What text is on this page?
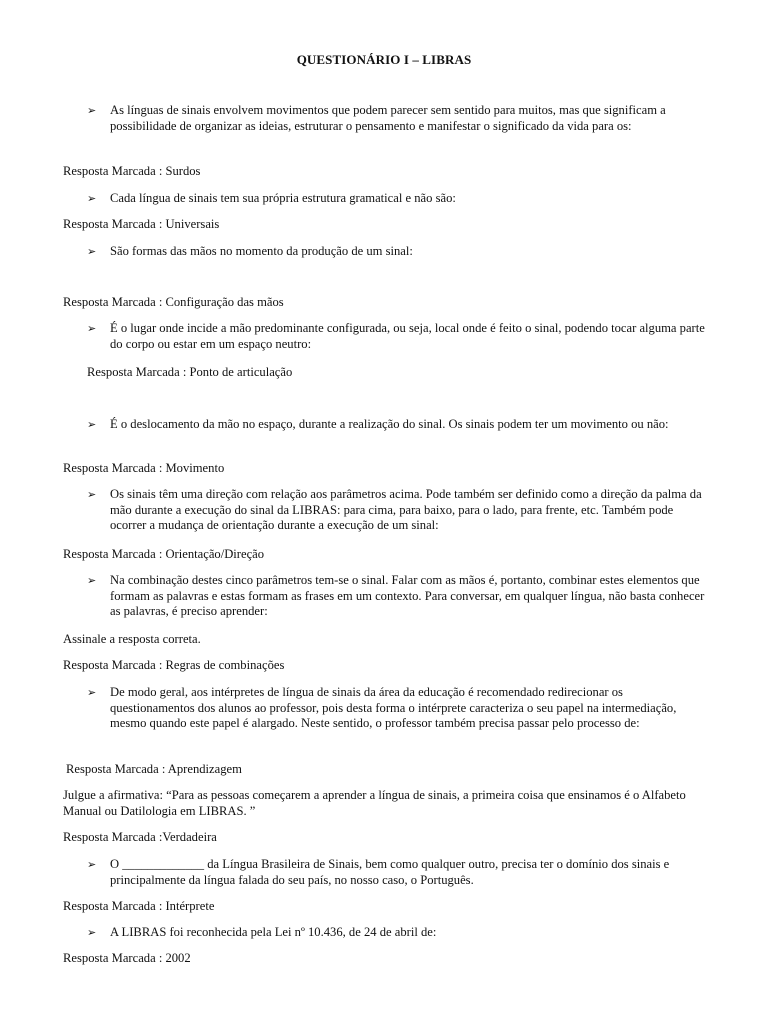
QUESTIONÁRIO I – LIBRAS
➢ As línguas de sinais envolvem movimentos que podem parecer sem sentido para muitos, mas que significam a possibilidade de organizar as ideias, estruturar o pensamento e manifestar o significado da vida para os:
Resposta Marcada : Surdos
➢ Cada língua de sinais tem sua própria estrutura gramatical e não são:
Resposta Marcada : Universais
➢ São formas das mãos no momento da produção de um sinal:
Resposta Marcada : Configuração das mãos
➢ É o lugar onde incide a mão predominante configurada, ou seja, local onde é feito o sinal, podendo tocar alguma parte do corpo ou estar em um espaço neutro:
Resposta Marcada : Ponto de articulação
➢ É o deslocamento da mão no espaço, durante a realização do sinal. Os sinais podem ter um movimento ou não:
Resposta Marcada : Movimento
➢ Os sinais têm uma direção com relação aos parâmetros acima. Pode também ser definido como a direção da palma da mão durante a execução do sinal da LIBRAS: para cima, para baixo, para o lado, para frente, etc. Também pode ocorrer a mudança de orientação durante a execução de um sinal:
Resposta Marcada : Orientação/Direção
➢ Na combinação destes cinco parâmetros tem-se o sinal. Falar com as mãos é, portanto, combinar estes elementos que formam as palavras e estas formam as frases em um contexto. Para conversar, em qualquer língua, não basta conhecer as palavras, é preciso aprender:
Assinale a resposta correta.
Resposta Marcada : Regras de combinações
➢ De modo geral, aos intérpretes de língua de sinais da área da educação é recomendado redirecionar os questionamentos dos alunos ao professor, pois desta forma o intérprete caracteriza o seu papel na intermediação, mesmo quando este papel é alargado. Neste sentido, o professor também precisa passar pelo processo de:
Resposta Marcada : Aprendizagem
Julgue a afirmativa: “Para as pessoas começarem a aprender a língua de sinais, a primeira coisa que ensinamos é o Alfabeto Manual ou Datilologia em LIBRAS. ”
Resposta Marcada :Verdadeira
➢ O _____________ da Língua Brasileira de Sinais, bem como qualquer outro, precisa ter o domínio dos sinais e principalmente da língua falada do seu país, no nosso caso, o Português.
Resposta Marcada : Intérprete
➢ A LIBRAS foi reconhecida pela Lei nº 10.436, de 24 de abril de:
Resposta Marcada : 2002
